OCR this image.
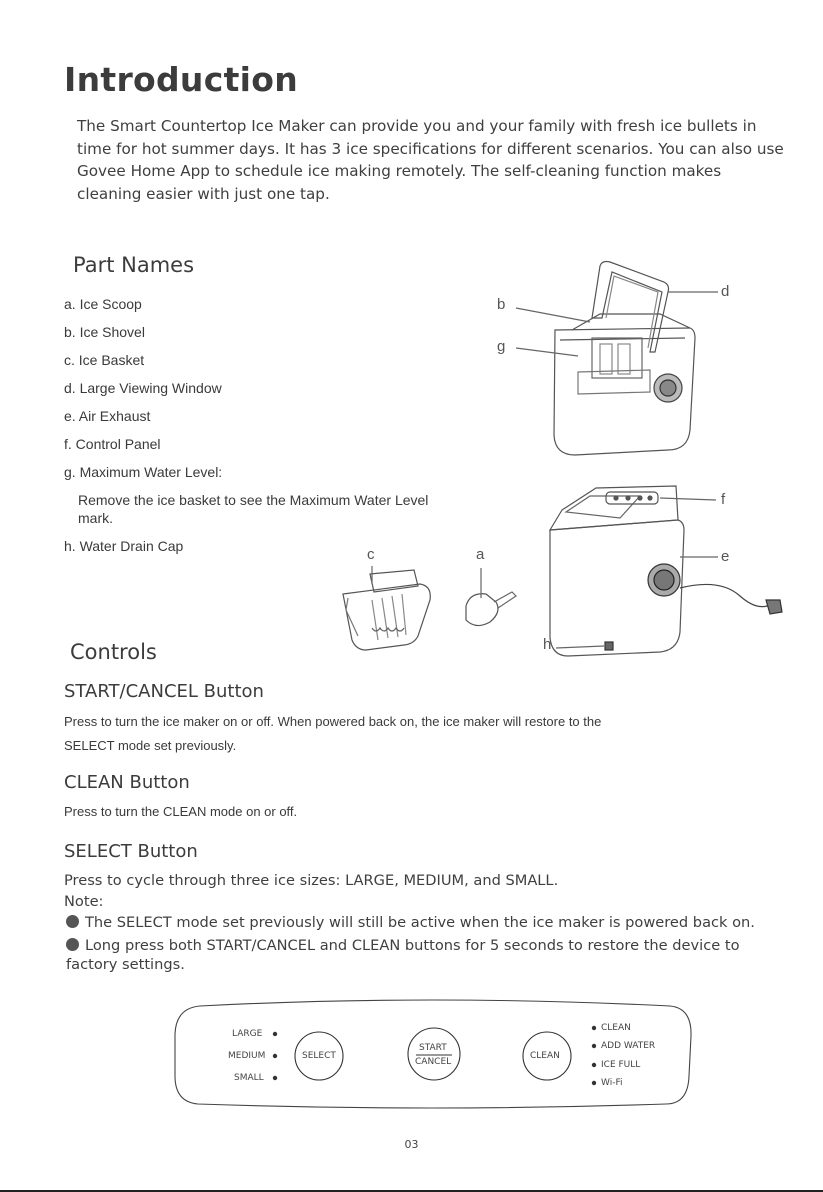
Introduction
The Smart Countertop Ice Maker can provide you and your family with fresh ice bullets in time for hot summer days. It has 3 ice specifications for different scenarios. You can also use Govee Home App to schedule ice making remotely. The self-cleaning function makes cleaning easier with just one tap.
Part Names
a. Ice Scoop
b. Ice Shovel
c. Ice Basket
d. Large Viewing Window
e. Air Exhaust
f. Control Panel
g. Maximum Water Level:
Remove the ice basket to see the Maximum Water Level mark.
h. Water Drain Cap
b
g
d
f
e
c	a
h
Controls
START/CANCEL Button
Press to turn the ice maker on or off. When powered back on, the ice maker will restore to the SELECT mode set previously.
CLEAN Button
Press to turn the CLEAN mode on or off.
SELECT Button
Press to cycle through three ice sizes: LARGE, MEDIUM, and SMALL.
Note:
The SELECT mode set previously will still be active when the ice maker is powered back on.
Long press both START/CANCEL and CLEAN buttons for 5 seconds to restore the device to factory settings.
LARGE
MEDIUM
SMALL
SELECT
START
CANCEL
CLEAN
CLEAN
ADD WATER
ICE FULL
Wi-Fi
03
